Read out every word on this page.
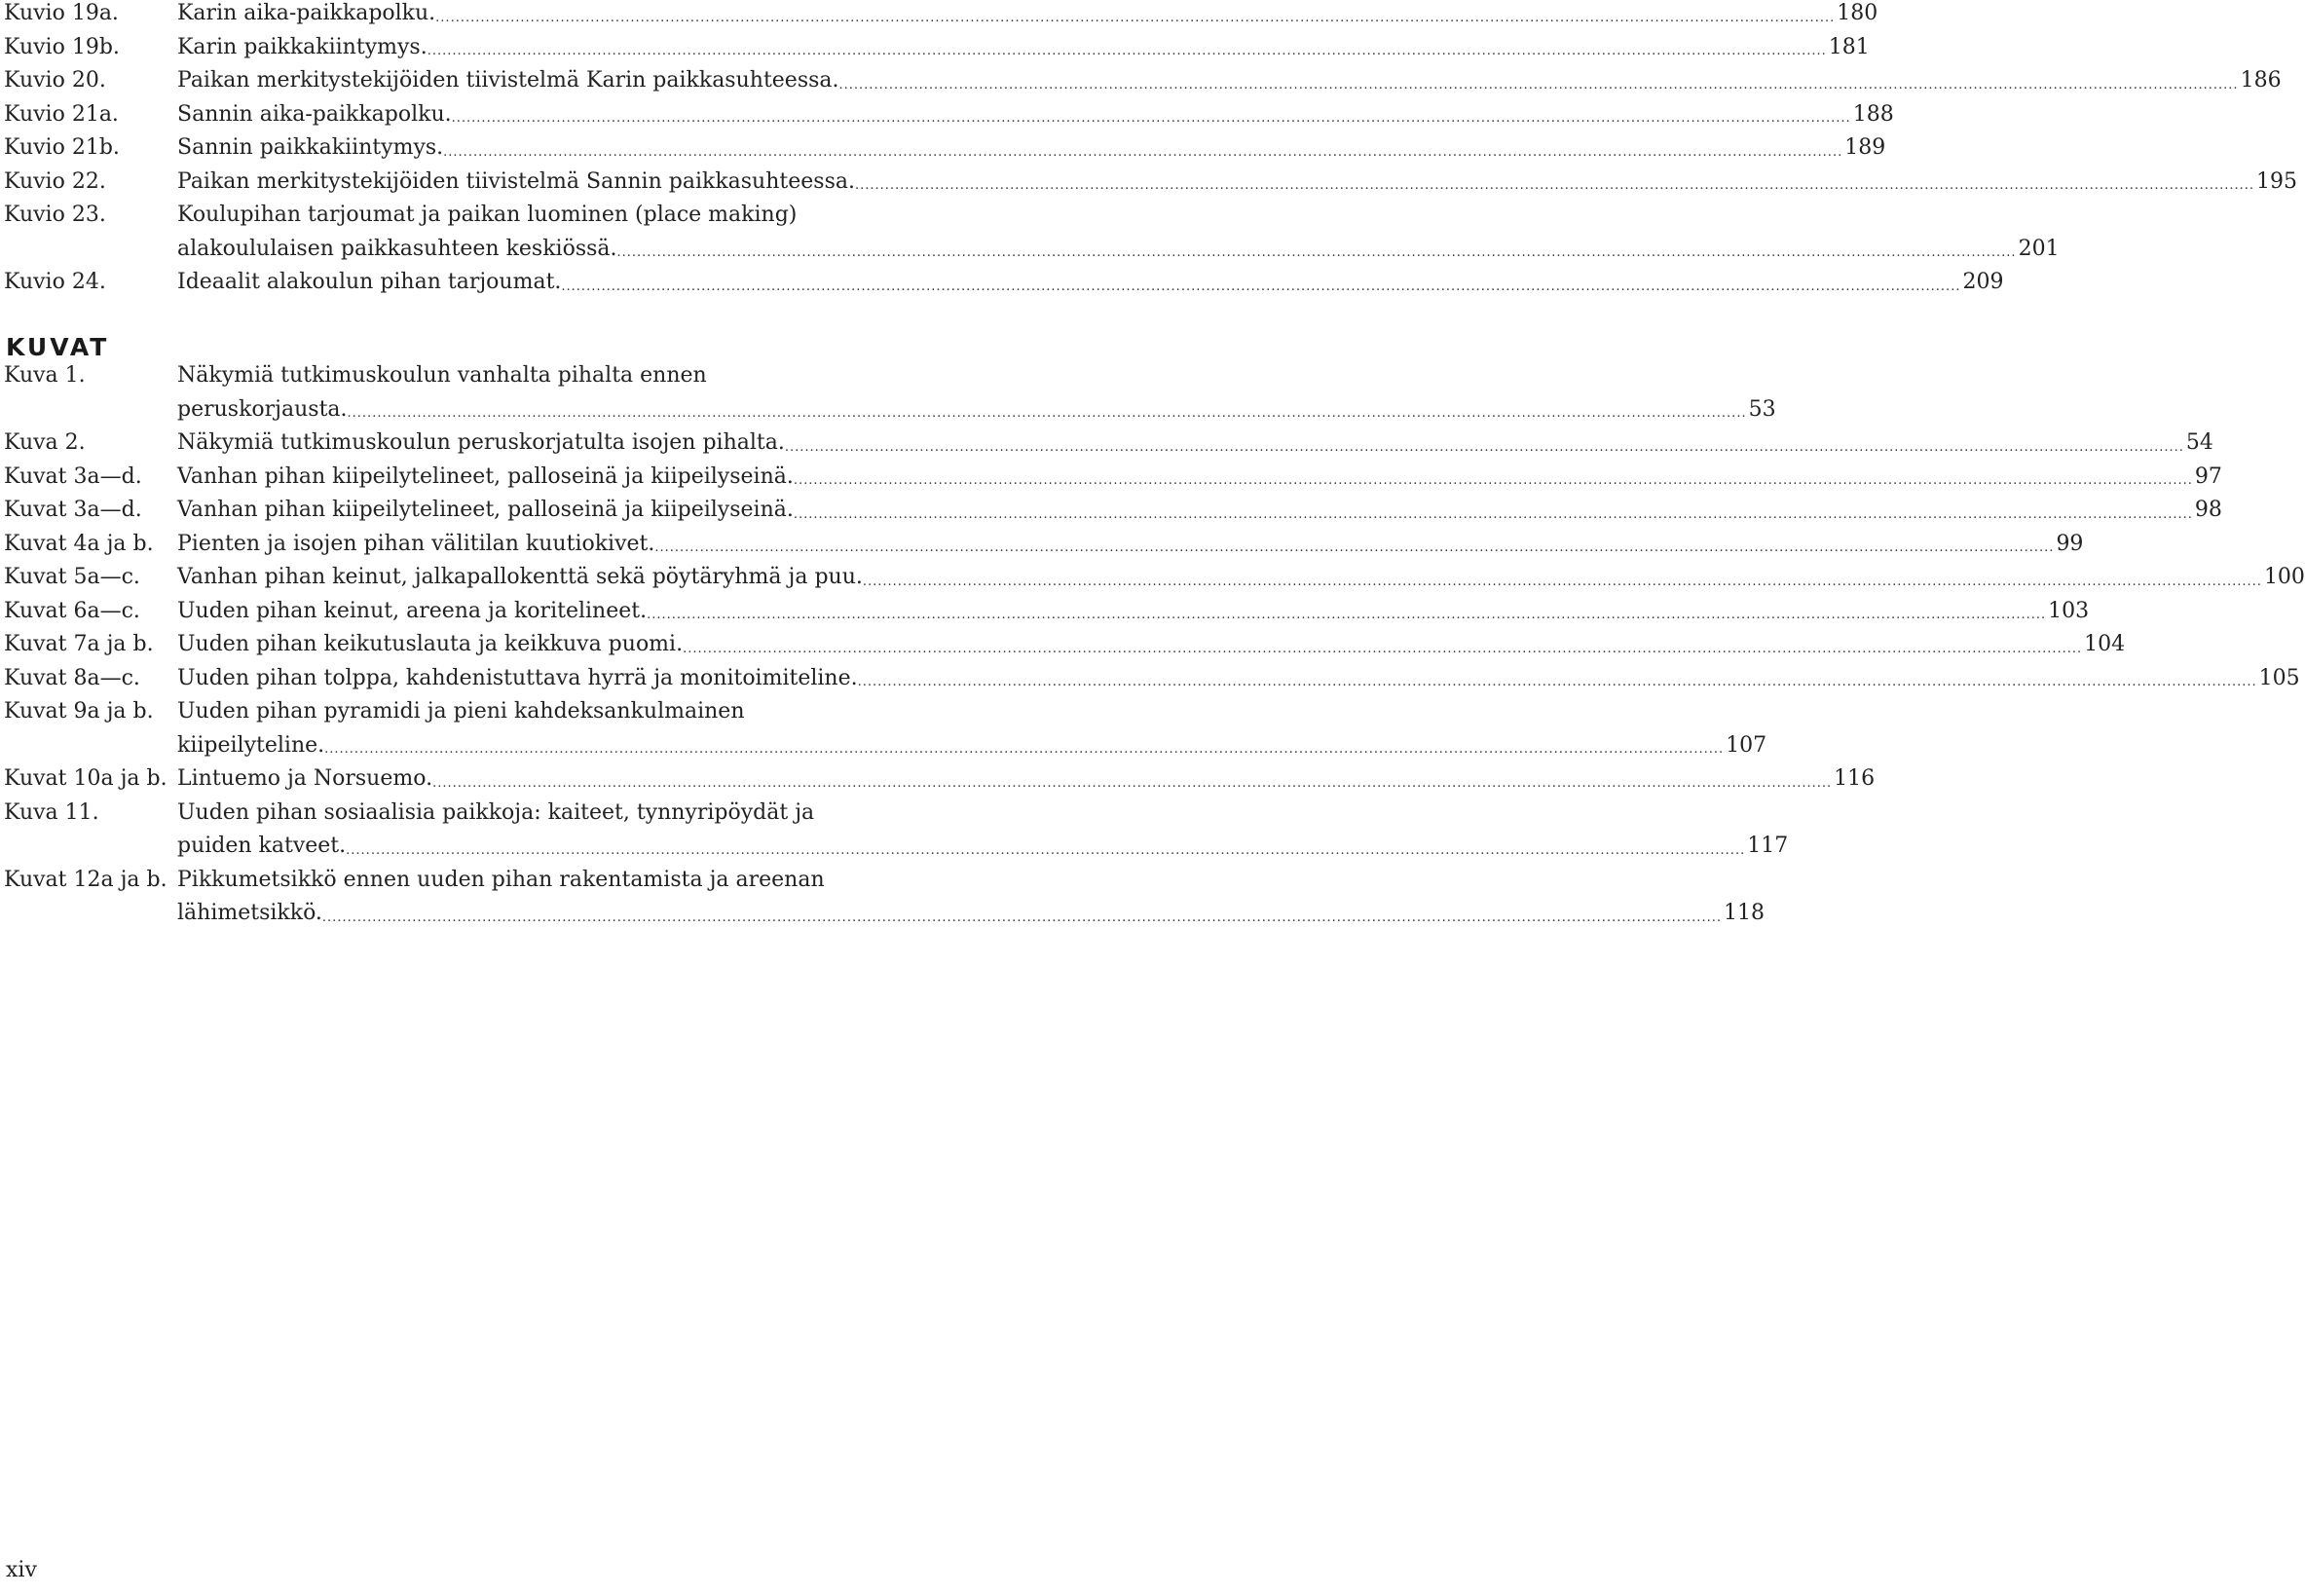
Kuvio 19a.	Karin aika-paikkapolku. .....	180
Kuvio 19b.	Karin paikkakiintymys. .....	181
Kuvio 20.	Paikan merkitystekijöiden tiivistelmä Karin paikkasuhteessa. .....	186
Kuvio 21a.	Sannin aika-paikkapolku. .....	188
Kuvio 21b.	Sannin paikkakiintymys. .....	189
Kuvio 22.	Paikan merkitystekijöiden tiivistelmä Sannin paikkasuhteessa. .....	195
Kuvio 23.	Koulupihan tarjoumat ja paikan luominen (place making)
alakoululaisen paikkasuhteen keskiössä. .....	201
Kuvio 24.	Ideaalit alakoulun pihan tarjoumat. .....	209
KUVAT
Kuva 1.	Näkymiä tutkimuskoulun vanhalta pihalta ennen
peruskorjausta. .....	53
Kuva 2.	Näkymiä tutkimuskoulun peruskorjatulta isojen pihalta. .....	54
Kuvat 3a—d.	Vanhan pihan kiipeilytelineet, palloseinä ja kiipeilyseinä. .....	97
Kuvat 3a—d.	Vanhan pihan kiipeilytelineet, palloseinä ja kiipeilyseinä. .....	98
Kuvat 4a ja b.	Pienten ja isojen pihan välitilan kuutiokivet. .....	99
Kuvat 5a—c.	Vanhan pihan keinut, jalkapallokenttä sekä pöytäryhmä ja puu. .....	100
Kuvat 6a—c.	Uuden pihan keinut, areena ja koritelineet. .....	103
Kuvat 7a ja b.	Uuden pihan keikutuslauta ja keikkuva puomi. .....	104
Kuvat 8a—c.	Uuden pihan tolppa, kahdenistuttava hyrrä ja monitoimiteline. .....	105
Kuvat 9a ja b.	Uuden pihan pyramidi ja pieni kahdeksankulmainen
kiipeilyteline. .....	107
Kuvat 10a ja b. Lintuemo ja Norsuemo. .....	116
Kuva 11.	Uuden pihan sosiaalisia paikkoja: kaiteet, tynnyripöydät ja
puiden katveet. .....	117
Kuvat 12a ja b. Pikkumetsikkö ennen uuden pihan rakentamista ja areenan
lähimetsikkö. .....	118
xiv
